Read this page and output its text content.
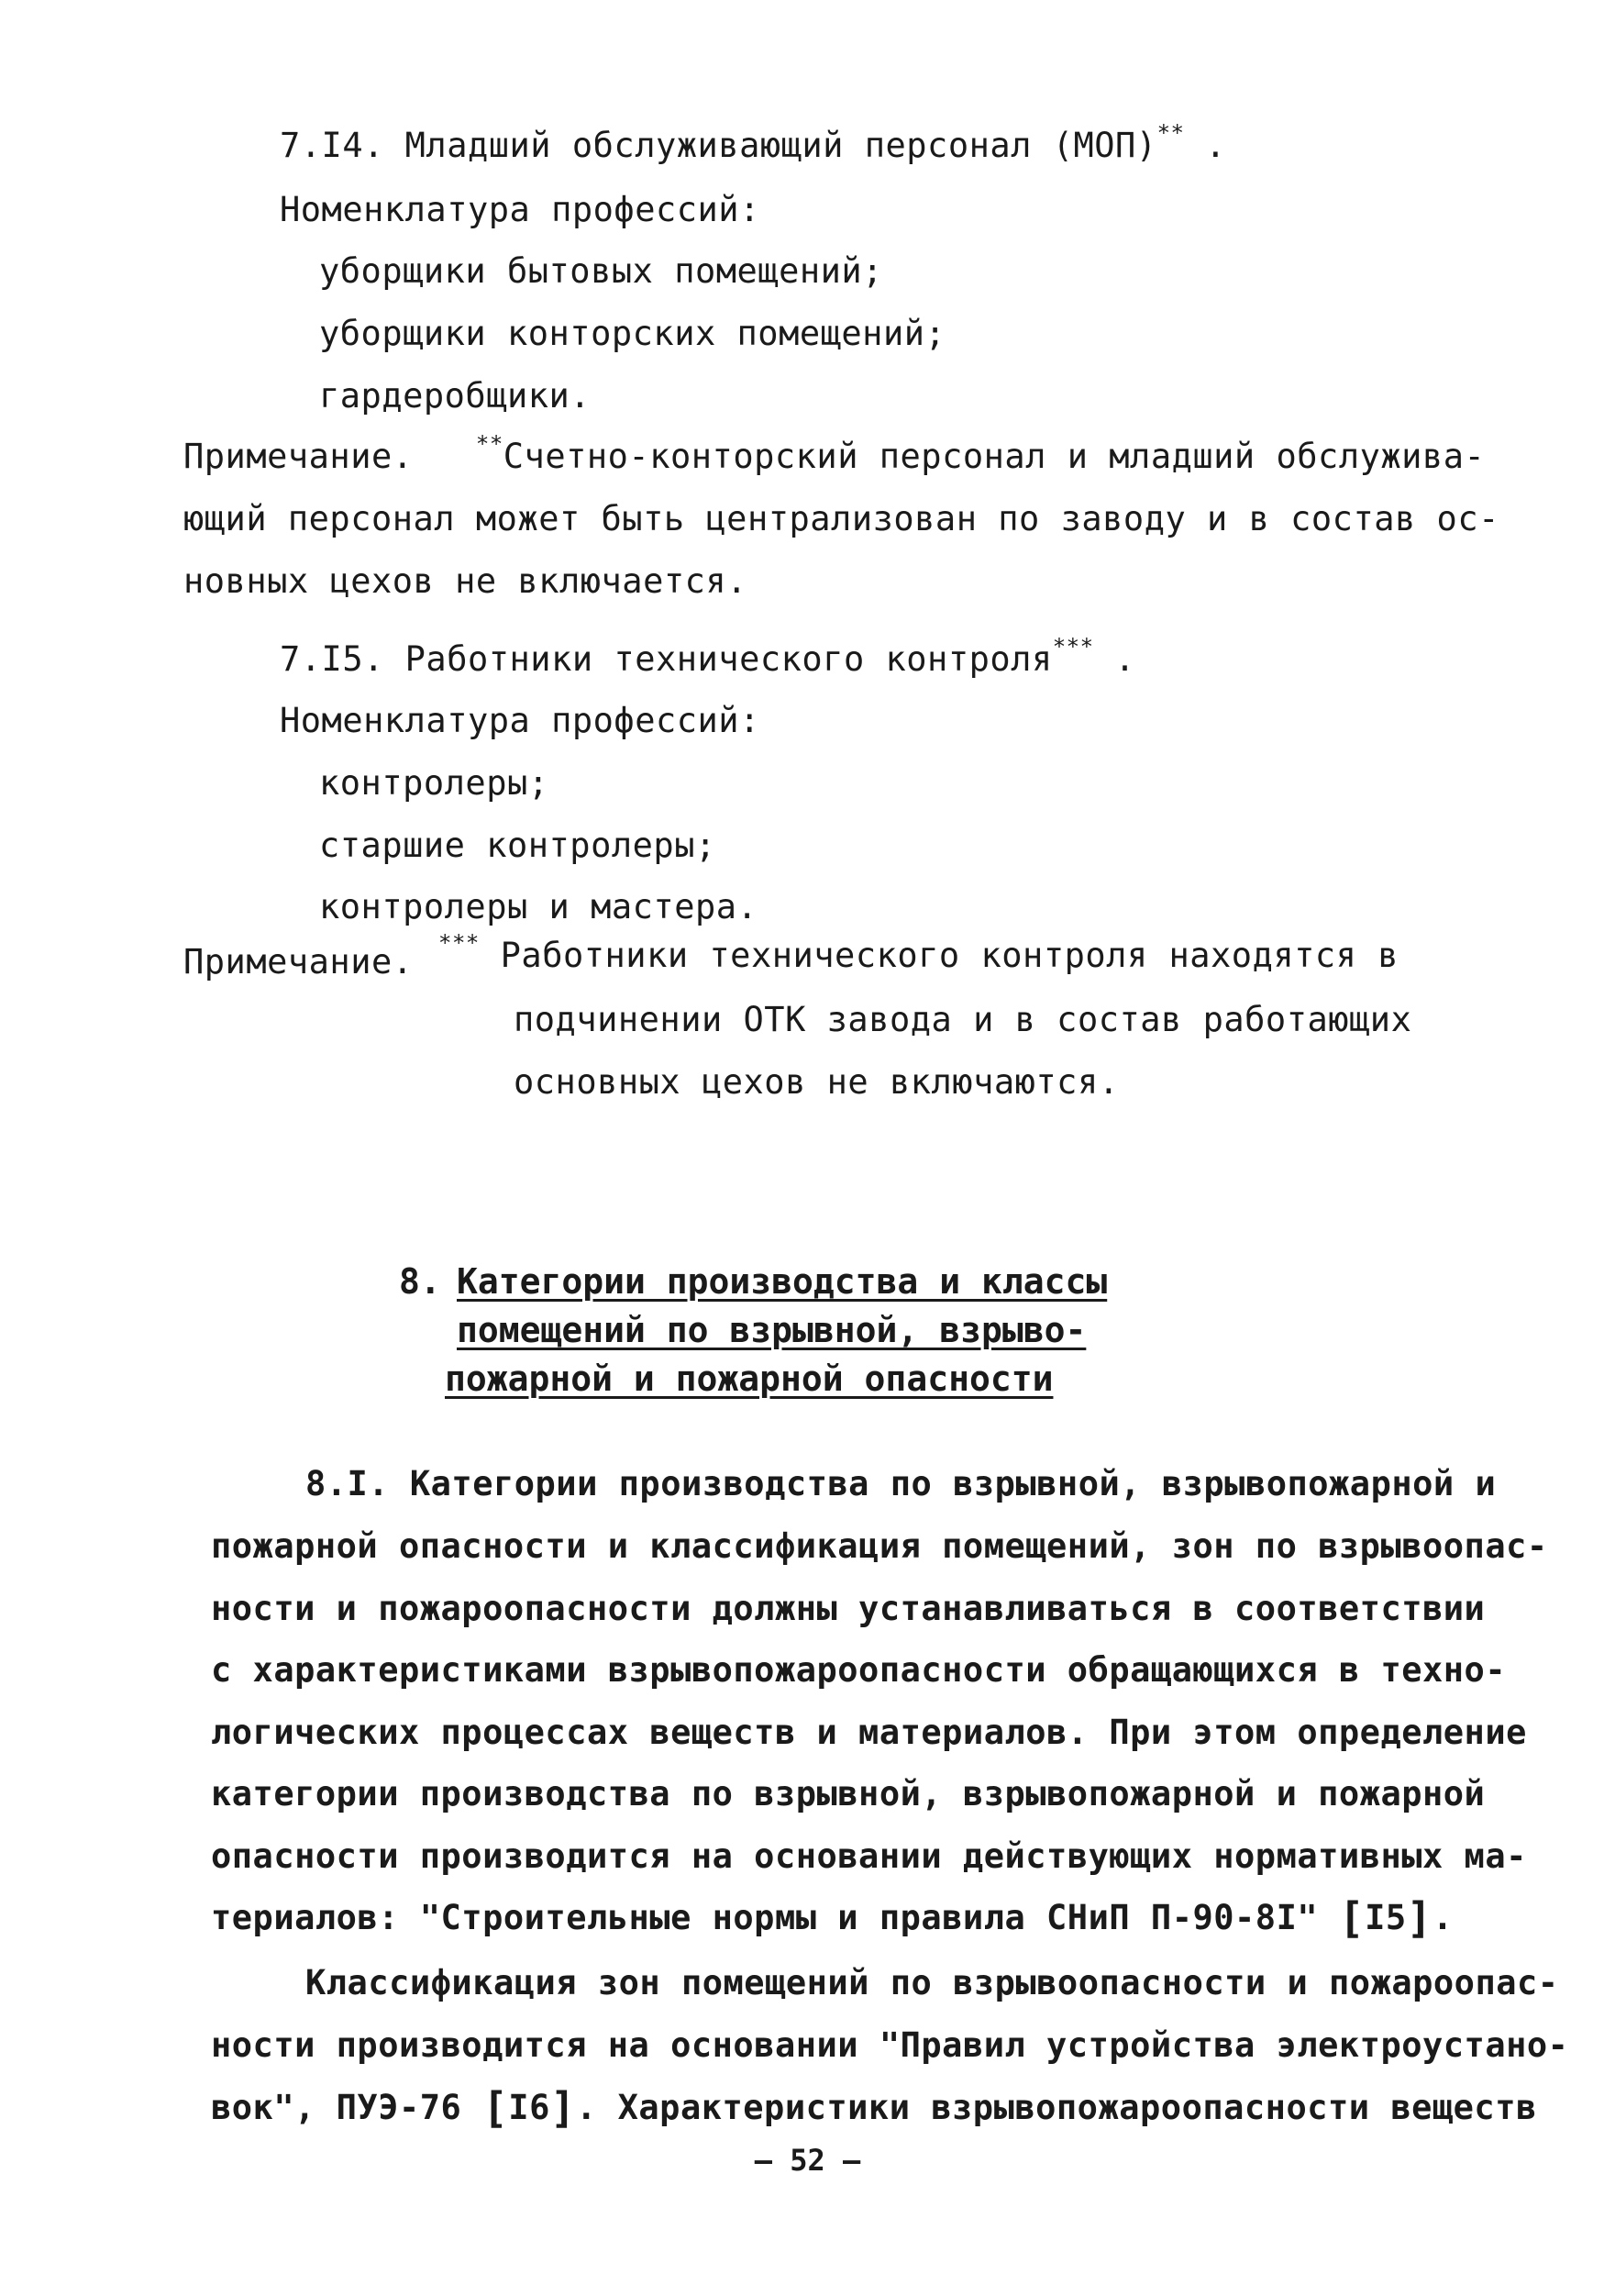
7.I4. Младший обслуживающий персонал (МОП)** .
Номенклатура профессий:
уборщики бытовых помещений;
уборщики конторских помещений;
гардеробщики.
Примечание.	**Счетно-конторский персонал и младший обслужива-
ющий персонал может быть централизован по заводу и в состав ос-
новных цехов не включается.
7.I5. Работники технического контроля*** .
Номенклатура профессий:
контролеры;
старшие контролеры;
контролеры и мастера.
Примечание. *** Работники технического контроля находятся в
подчинении ОТК завода и в состав работающих
основных цехов не включаются.
8. Категории производства и классы
помещений по взрывной, взрыво-
пожарной и пожарной опасности
8.I. Категории производства по взрывной, взрывопожарной и
пожарной опасности и классификация помещений, зон по взрывоопас-
ности и пожароопасности должны устанавливаться в соответствии
с характеристиками взрывопожароопасности обращающихся в техно-
логических процессах веществ и материалов. При этом определение
категории производства по взрывной, взрывопожарной и пожарной
опасности производится на основании действующих нормативных ма-
териалов: "Строительные нормы и правила СНиП П-90-8I" [I5].
Классификация зон помещений по взрывоопасности и пожароопас-
ности производится на основании "Правил устройства электроустано-
вок", ПУЭ-76 [I6]. Характеристики взрывопожароопасности веществ
— 52 —
